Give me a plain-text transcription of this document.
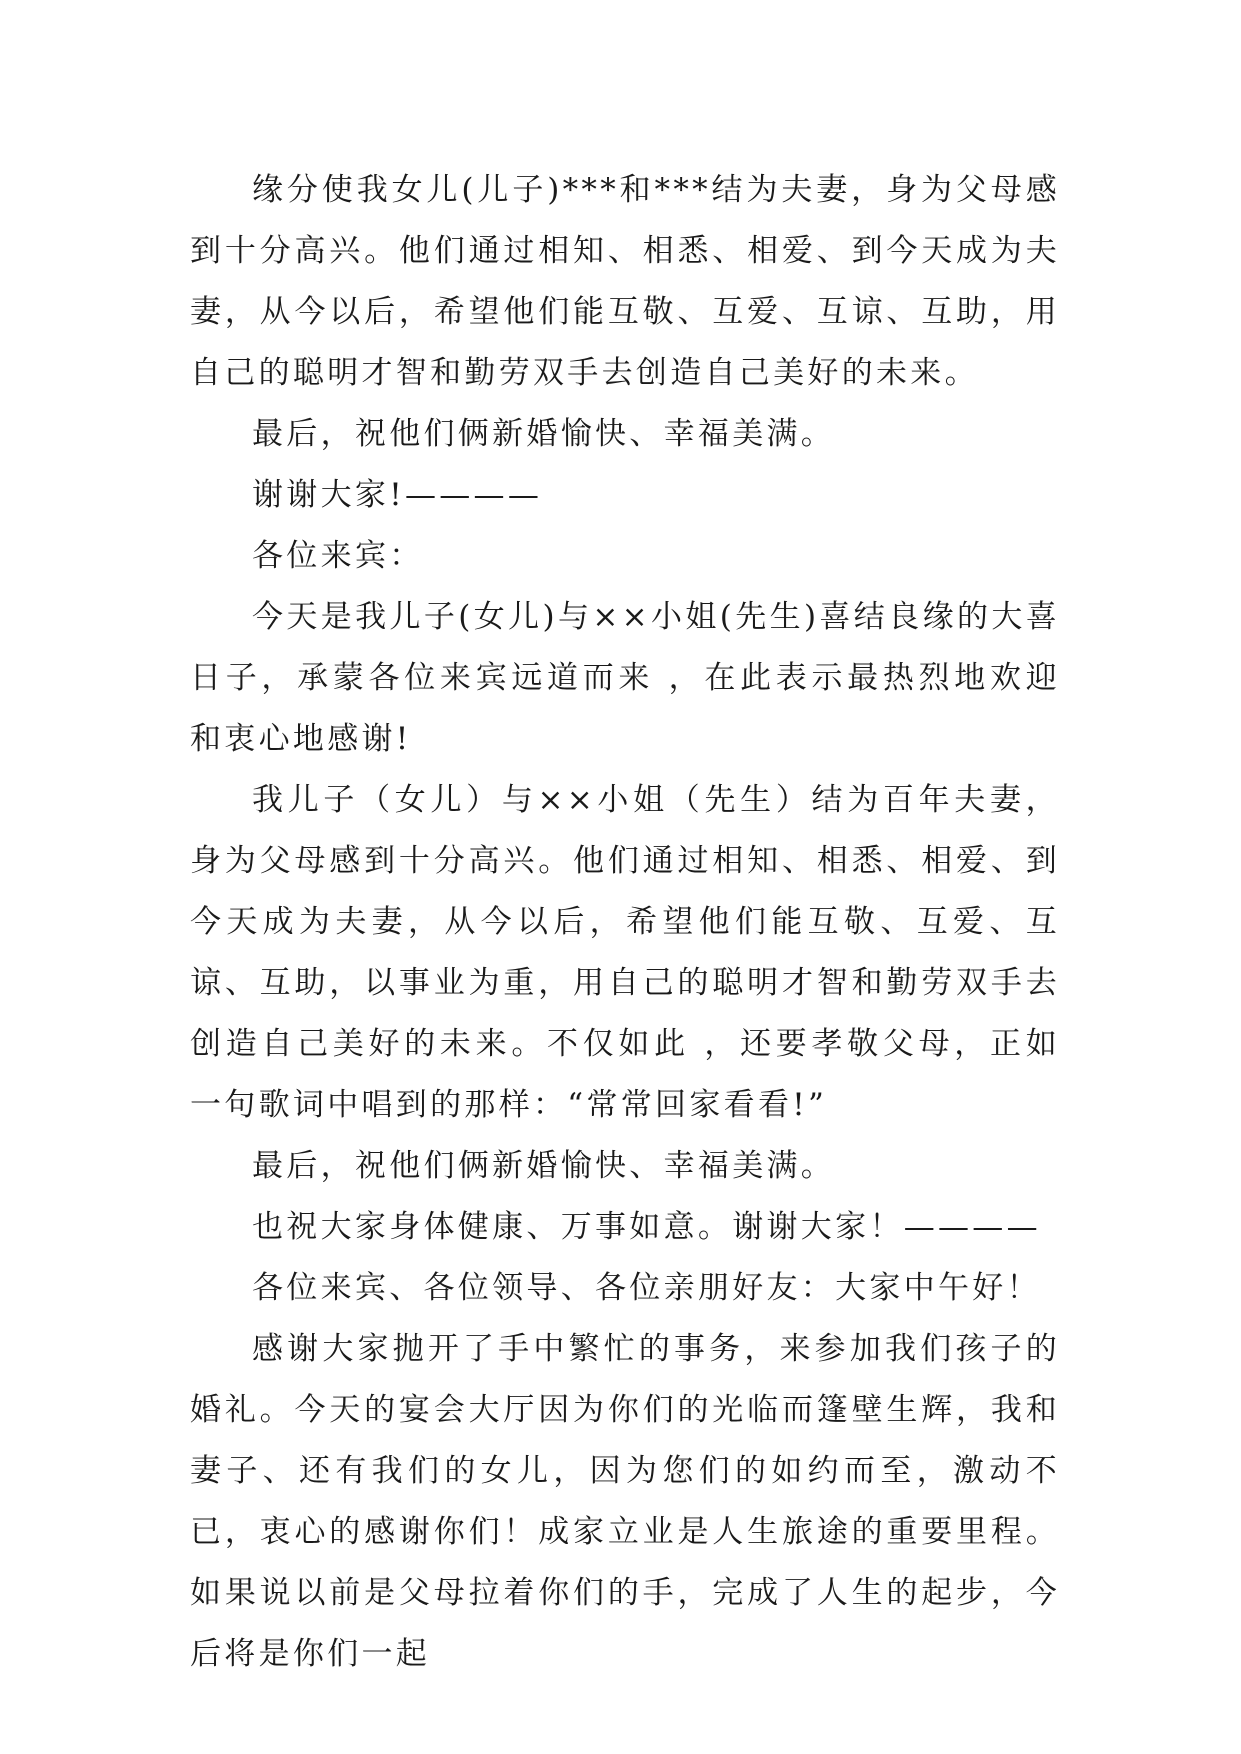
缘分使我女儿(儿子)***和***结为夫妻，身为父母感到十分高兴。他们通过相知、相悉、相爱、到今天成为夫妻，从今以后，希望他们能互敬、互爱、互谅、互助，用自己的聪明才智和勤劳双手去创造自己美好的未来。

最后，祝他们俩新婚愉快、幸福美满。

谢谢大家!————

各位来宾：

今天是我儿子(女儿)与××小姐(先生)喜结良缘的大喜日子，承蒙各位来宾远道而来 ，在此表示最热烈地欢迎和衷心地感谢!

我儿子（女儿）与××小姐（先生）结为百年夫妻，身为父母感到十分高兴。他们通过相知、相悉、相爱、到今天成为夫妻，从今以后，希望他们能互敬、互爱、互谅、互助，以事业为重，用自己的聪明才智和勤劳双手去创造自己美好的未来。不仅如此 ，还要孝敬父母，正如一句歌词中唱到的那样：“常常回家看看!”

最后，祝他们俩新婚愉快、幸福美满。

也祝大家身体健康、万事如意。谢谢大家！————

各位来宾、各位领导、各位亲朋好友：大家中午好！

感谢大家抛开了手中繁忙的事务，来参加我们孩子的婚礼。今天的宴会大厅因为你们的光临而篷壁生辉，我和妻子、还有我们的女儿，因为您们的如约而至，激动不已，衷心的感谢你们！成家立业是人生旅途的重要里程。如果说以前是父母拉着你们的手，完成了人生的起步，今后将是你们一起
